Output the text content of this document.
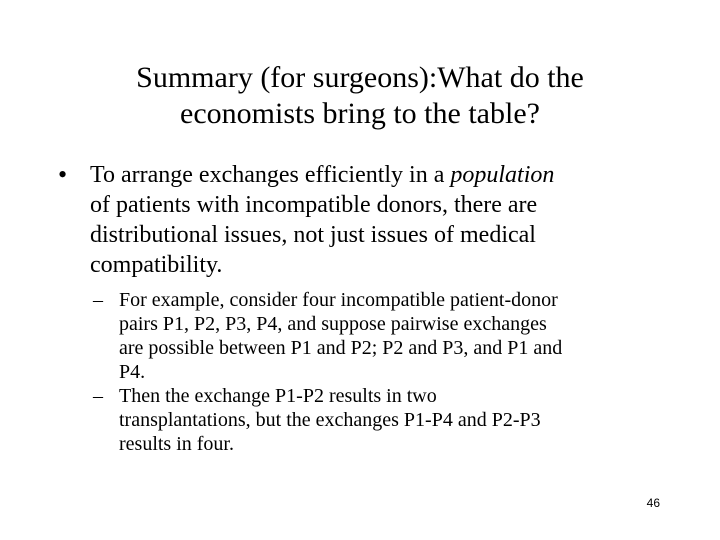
Summary (for surgeons):What do the
economists bring to the table?
• To arrange exchanges efficiently in a population
of patients with incompatible donors, there are
distributional issues, not just issues of medical
compatibility.
– For example, consider four incompatible patient-donor
pairs P1, P2, P3, P4, and suppose pairwise exchanges
are possible between P1 and P2; P2 and P3, and P1 and
P4.
– Then the exchange P1-P2 results in two
transplantations, but the exchanges P1-P4 and P2-P3
results in four.
46
